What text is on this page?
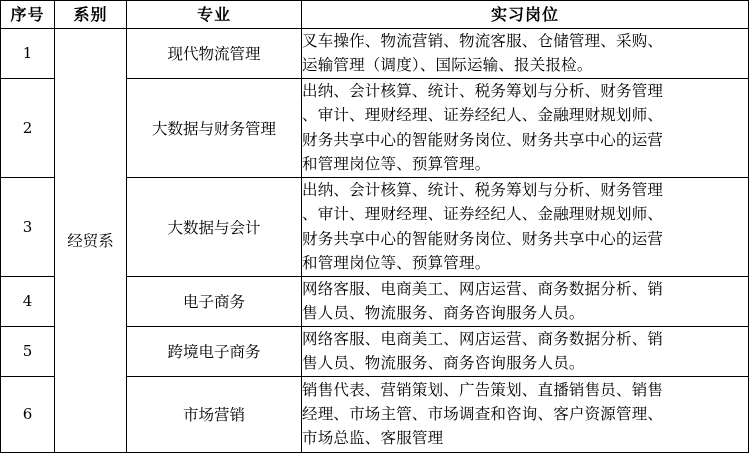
序号	系别	专业	实习岗位
1	经贸系	现代物流管理	叉车操作、物流营销、物流客服、仓储管理、采购、
运输管理（调度）、国际运输、报关报检。

2		大数据与财务管理	出纳、会计核算、统计、税务筹划与分析、财务管理
、审计、理财经理、证券经纪人、金融理财规划师、
财务共享中心的智能财务岗位、财务共享中心的运营
和管理岗位等、预算管理。

3		大数据与会计	出纳、会计核算、统计、税务筹划与分析、财务管理
、审计、理财经理、证券经纪人、金融理财规划师、
财务共享中心的智能财务岗位、财务共享中心的运营
和管理岗位等、预算管理。

4		电子商务	网络客服、电商美工、网店运营、商务数据分析、销
售人员、物流服务、商务咨询服务人员。

5		跨境电子商务	网络客服、电商美工、网店运营、商务数据分析、销
售人员、物流服务、商务咨询服务人员。

6		市场营销	销售代表、营销策划、广告策划、直播销售员、销售
经理、市场主管、市场调查和咨询、客户资源管理、
市场总监、客服管理
